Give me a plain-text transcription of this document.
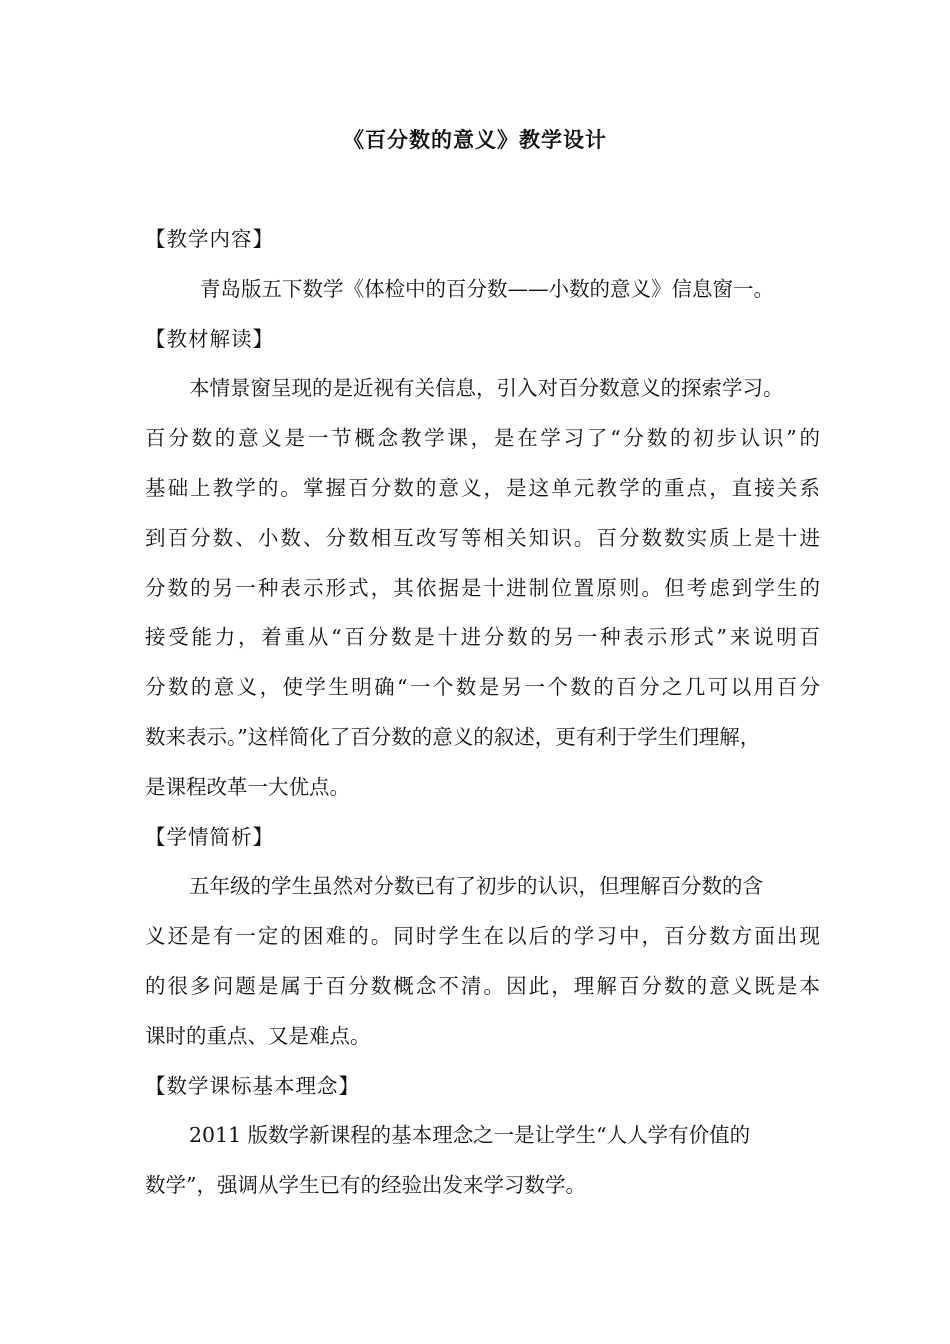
《百分数的意义》教学设计
【教学内容】
青岛版五下数学《体检中的百分数——小数的意义》信息窗一。
【教材解读】
本情景窗呈现的是近视有关信息，引入对百分数意义的探索学习。
百分数的意义是一节概念教学课，是在学习了“分数的初步认识”的
基础上教学的。掌握百分数的意义，是这单元教学的重点，直接关系
到百分数、小数、分数相互改写等相关知识。百分数数实质上是十进
分数的另一种表示形式，其依据是十进制位置原则。但考虑到学生的
接受能力，着重从“百分数是十进分数的另一种表示形式”来说明百
分数的意义，使学生明确“一个数是另一个数的百分之几可以用百分
数来表示。”这样简化了百分数的意义的叙述，更有利于学生们理解，
是课程改革一大优点。
【学情简析】
五年级的学生虽然对分数已有了初步的认识，但理解百分数的含
义还是有一定的困难的。同时学生在以后的学习中，百分数方面出现
的很多问题是属于百分数概念不清。因此，理解百分数的意义既是本
课时的重点、又是难点。
【数学课标基本理念】
2011 版数学新课程的基本理念之一是让学生“人人学有价值的
数学”，强调从学生已有的经验出发来学习数学。
